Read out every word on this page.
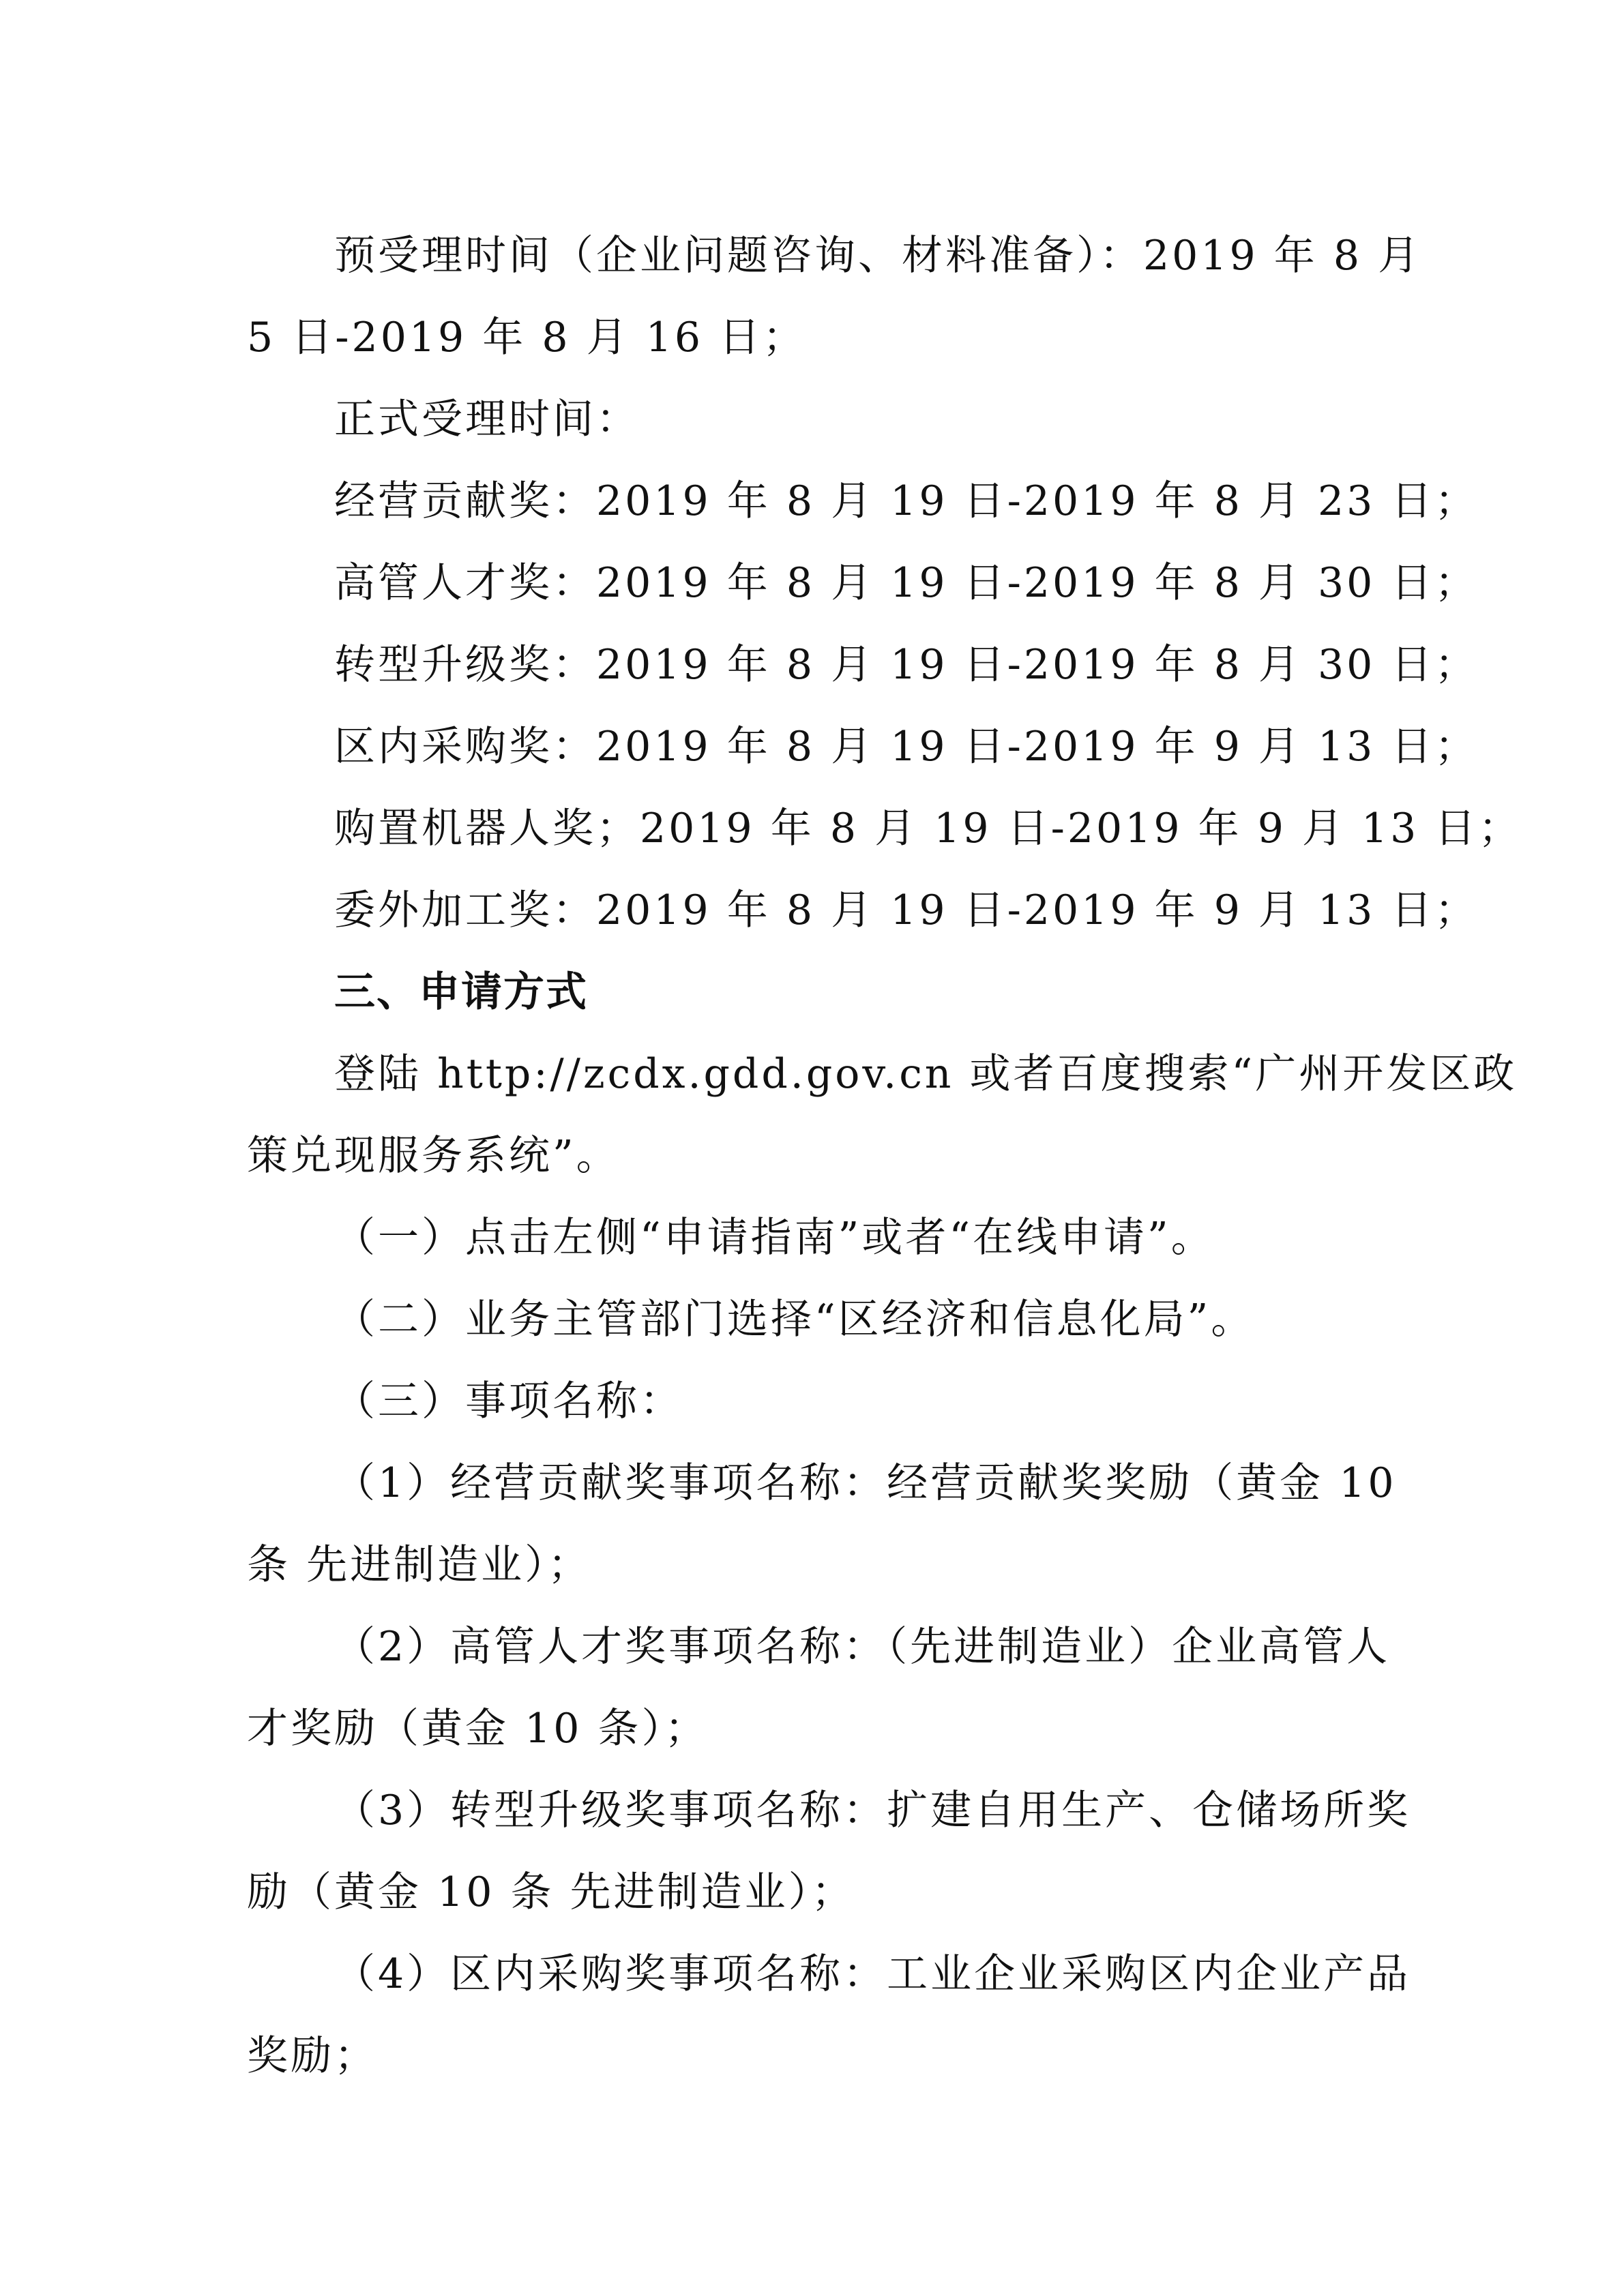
预受理时间（企业问题咨询、材料准备）：2019 年 8 月
5 日-2019 年 8 月 16 日；
正式受理时间：
经营贡献奖：2019 年 8 月 19 日-2019 年 8 月 23 日；
高管人才奖：2019 年 8 月 19 日-2019 年 8 月 30 日；
转型升级奖：2019 年 8 月 19 日-2019 年 8 月 30 日；
区内采购奖：2019 年 8 月 19 日-2019 年 9 月 13 日；
购置机器人奖；2019 年 8 月 19 日-2019 年 9 月 13 日；
委外加工奖：2019 年 8 月 19 日-2019 年 9 月 13 日；
三、申请方式
登陆 http://zcdx.gdd.gov.cn 或者百度搜索“广州开发区政
策兑现服务系统”。
（一）点击左侧“申请指南”或者“在线申请”。
（二）业务主管部门选择“区经济和信息化局”。
（三）事项名称：
（1）经营贡献奖事项名称：经营贡献奖奖励（黄金 10
条 先进制造业）；
（2）高管人才奖事项名称：（先进制造业）企业高管人
才奖励（黄金 10 条）；
（3）转型升级奖事项名称：扩建自用生产、仓储场所奖
励（黄金 10 条 先进制造业）；
（4）区内采购奖事项名称：工业企业采购区内企业产品
奖励；
